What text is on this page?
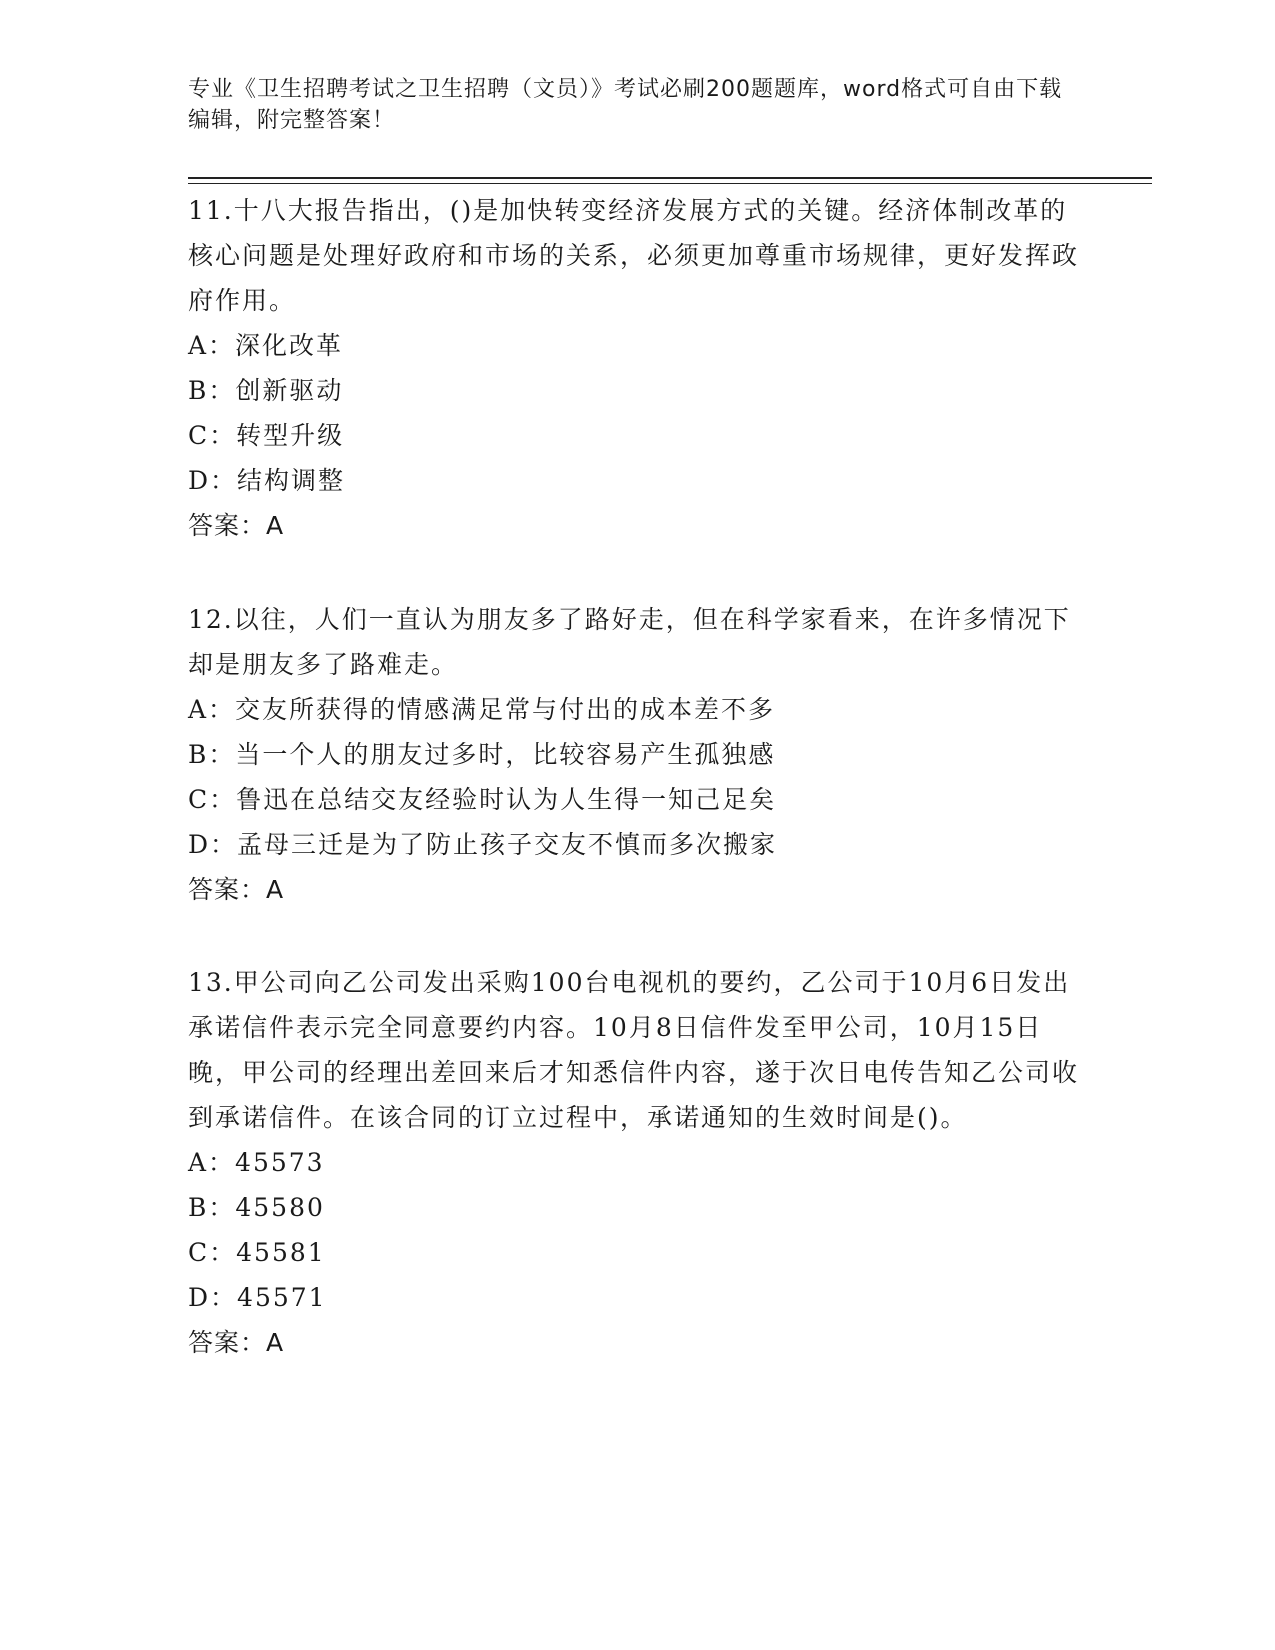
专业《卫生招聘考试之卫生招聘（文员）》考试必刷200题题库，word格式可自由下载编辑，附完整答案！

11.十八大报告指出，()是加快转变经济发展方式的关键。经济体制改革的核心问题是处理好政府和市场的关系，必须更加尊重市场规律，更好发挥政府作用。

A：深化改革
B：创新驱动
C：转型升级
D：结构调整

答案：A

12.以往，人们一直认为朋友多了路好走，但在科学家看来，在许多情况下却是朋友多了路难走。

A：交友所获得的情感满足常与付出的成本差不多
B：当一个人的朋友过多时，比较容易产生孤独感
C：鲁迅在总结交友经验时认为人生得一知己足矣
D：孟母三迁是为了防止孩子交友不慎而多次搬家

答案：A

13.甲公司向乙公司发出采购100台电视机的要约，乙公司于10月6日发出承诺信件表示完全同意要约内容。10月8日信件发至甲公司，10月15日晚，甲公司的经理出差回来后才知悉信件内容，遂于次日电传告知乙公司收到承诺信件。在该合同的订立过程中，承诺通知的生效时间是()。

A：45573
B：45580
C：45581
D：45571

答案：A
